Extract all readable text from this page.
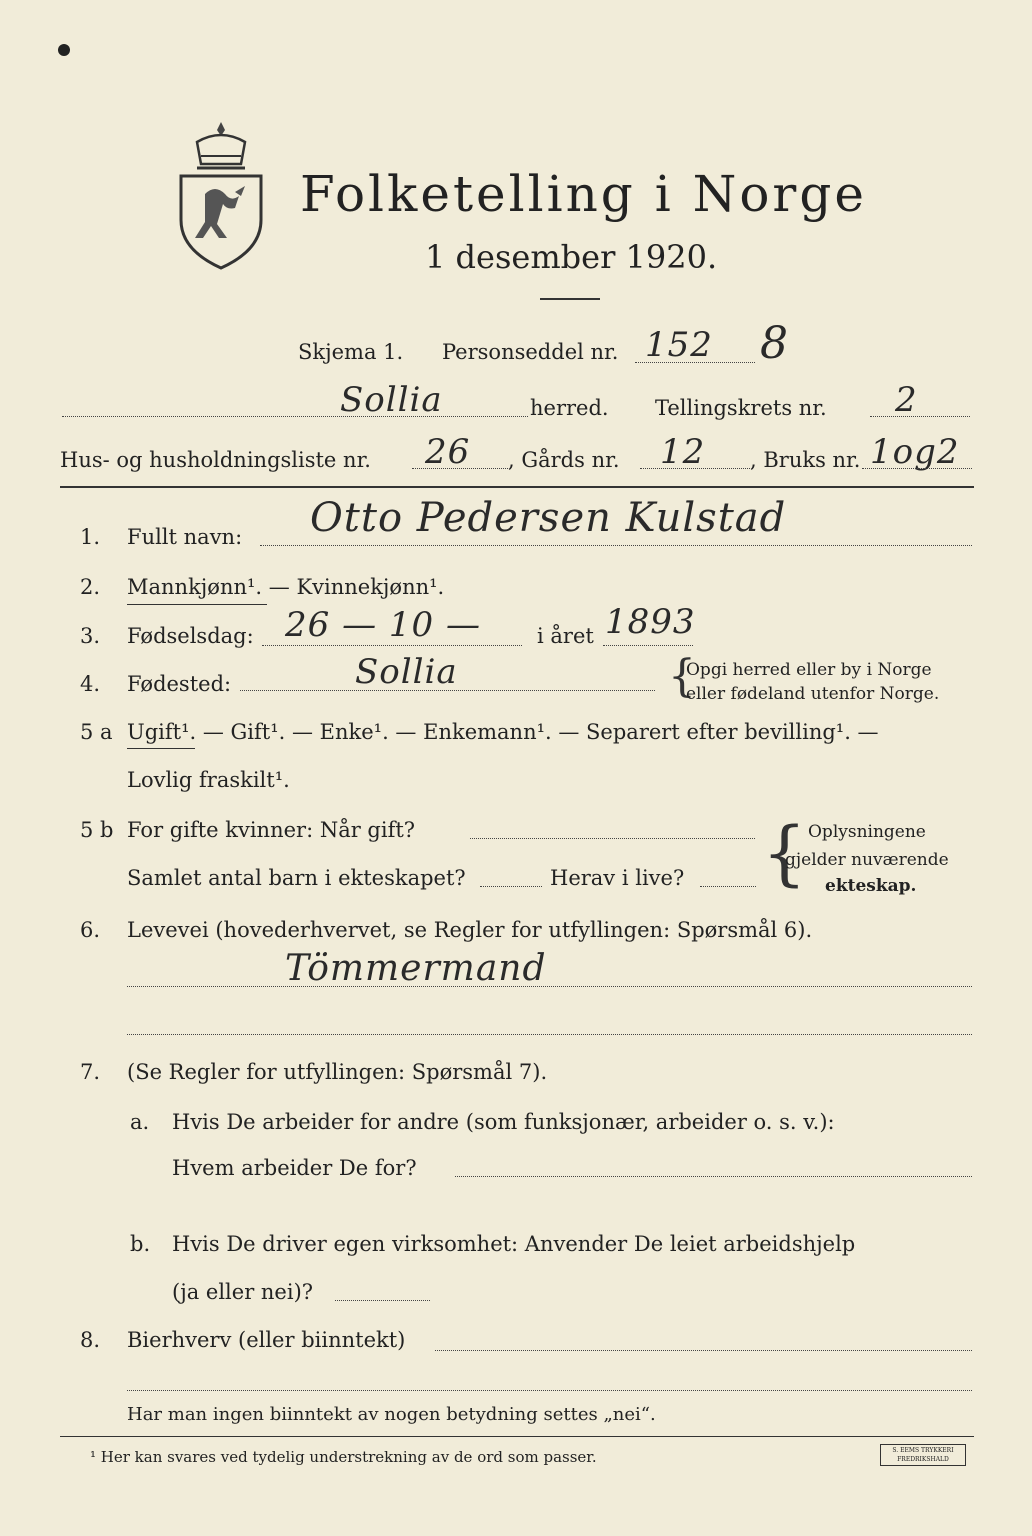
Folketelling i Norge
1 desember 1920.
Skjema 1. Personseddel nr. 152 8
Sollia	herred. Tellingskrets nr. 2
Hus- og husholdningsliste nr. 26 , Gårds nr. 12 , Bruks nr. 1og2
1. Fullt navn: Otto Pedersen Kulstad
2. Mannkjønn¹. — Kvinnekjønn¹.
3. Fødselsdag: 26 — 10 —	i året 1893
4. Fødested:	Sollia	{
Opgi herred eller by i Norge
eller fødeland utenfor Norge.
5 a Ugift¹. — Gift¹. — Enke¹. — Enkemann¹. — Separert efter bevilling¹. —
Lovlig fraskilt¹.
5 b For gifte kvinner: Når gift?
Samlet antal barn i ekteskapet?	Herav i live? { Oplysningene
gjelder nuværende
ekteskap.
6. Levevei (hovederhvervet, se Regler for utfyllingen: Spørsmål 6).
Tömmermand
7. (Se Regler for utfyllingen: Spørsmål 7).
a. Hvis De arbeider for andre (som funksjonær, arbeider o. s. v.):
Hvem arbeider De for?
b. Hvis De driver egen virksomhet: Anvender De leiet arbeidshjelp
(ja eller nei)?
8. Bierhverv (eller biinntekt)
Har man ingen biinntekt av nogen betydning settes „nei“.
¹ Her kan svares ved tydelig understrekning av de ord som passer.	S. EEMS TRYKKERI FREDRIKSHALD
